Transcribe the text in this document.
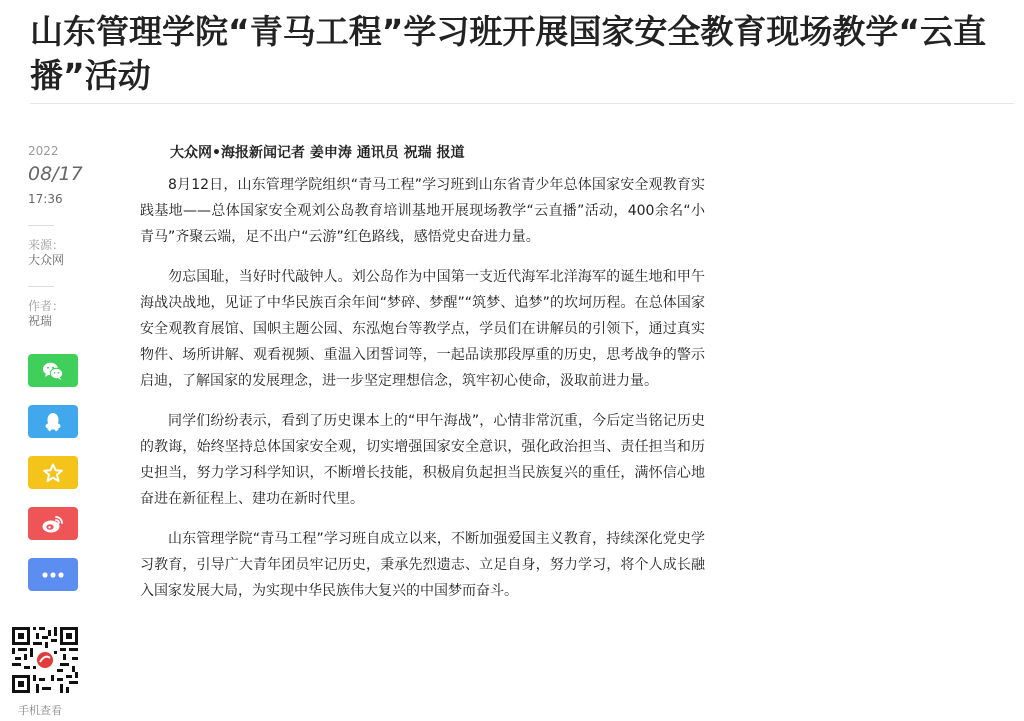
山东管理学院“青马工程”学习班开展国家安全教育现场教学“云直播”活动
2022
08/17
17:36
来源：
大众网
作者：
祝瑞
手机查看
大众网•海报新闻记者 姜申涛 通讯员 祝瑞 报道

8月12日，山东管理学院组织“青马工程”学习班到山东省青少年总体国家安全观教育实践基地——总体国家安全观刘公岛教育培训基地开展现场教学“云直播”活动，400余名“小青马”齐聚云端，足不出户“云游”红色路线，感悟党史奋进力量。

勿忘国耻，当好时代敲钟人。刘公岛作为中国第一支近代海军北洋海军的诞生地和甲午海战决战地，见证了中华民族百余年间“梦碎、梦醒”“筑梦、追梦”的坎坷历程。在总体国家安全观教育展馆、国帜主题公园、东泓炮台等教学点，学员们在讲解员的引领下，通过真实物件、场所讲解、观看视频、重温入团誓词等，一起品读那段厚重的历史，思考战争的警示启迪，了解国家的发展理念，进一步坚定理想信念，筑牢初心使命，汲取前进力量。

同学们纷纷表示，看到了历史课本上的“甲午海战”，心情非常沉重，今后定当铭记历史的教诲，始终坚持总体国家安全观，切实增强国家安全意识，强化政治担当、责任担当和历史担当，努力学习科学知识，不断增长技能，积极肩负起担当民族复兴的重任，满怀信心地奋进在新征程上、建功在新时代里。

山东管理学院“青马工程”学习班自成立以来，不断加强爱国主义教育，持续深化党史学习教育，引导广大青年团员牢记历史，秉承先烈遗志、立足自身，努力学习，将个人成长融入国家发展大局，为实现中华民族伟大复兴的中国梦而奋斗。
